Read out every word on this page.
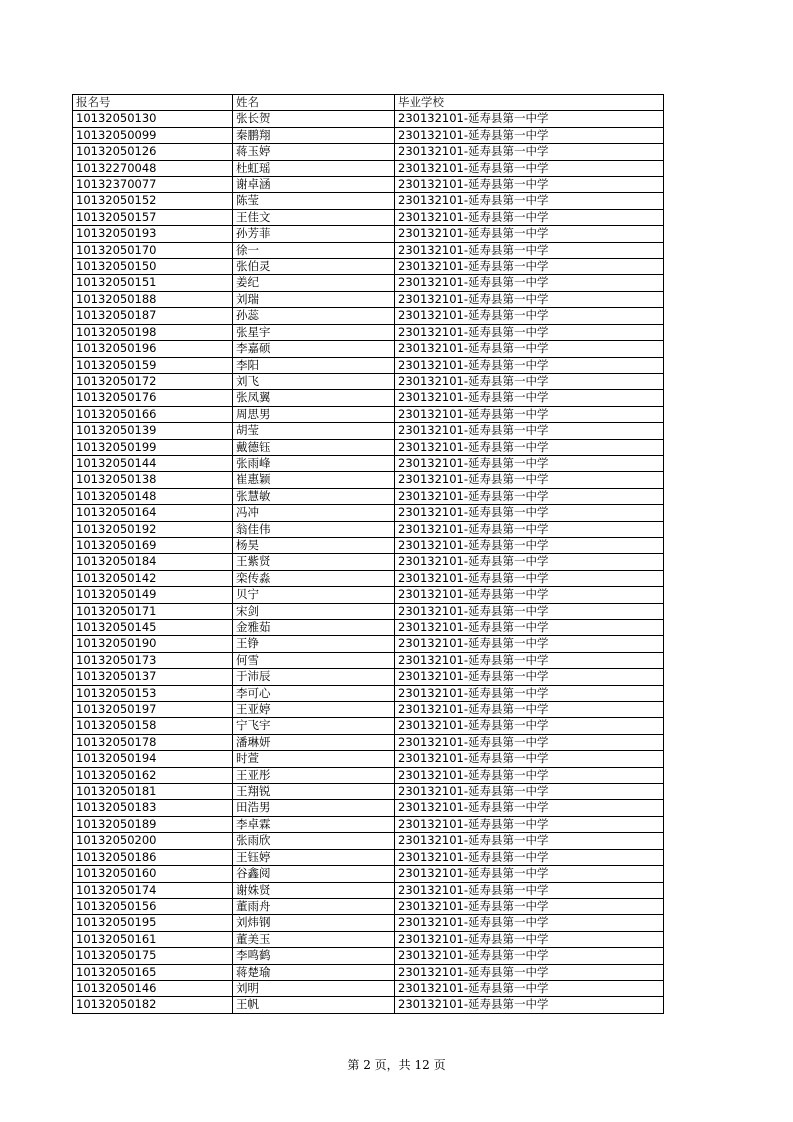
报名号	姓名	毕业学校
10132050130	张长贺	230132101-延寿县第一中学
10132050099	秦鹏翔	230132101-延寿县第一中学
10132050126	蒋玉婷	230132101-延寿县第一中学
10132270048	杜虹瑶	230132101-延寿县第一中学
10132370077	谢卓涵	230132101-延寿县第一中学
10132050152	陈莹	230132101-延寿县第一中学
10132050157	王佳文	230132101-延寿县第一中学
10132050193	孙芳菲	230132101-延寿县第一中学
10132050170	徐一	230132101-延寿县第一中学
10132050150	张伯灵	230132101-延寿县第一中学
10132050151	姜纪	230132101-延寿县第一中学
10132050188	刘瑞	230132101-延寿县第一中学
10132050187	孙蕊	230132101-延寿县第一中学
10132050198	张星宇	230132101-延寿县第一中学
10132050196	李嘉硕	230132101-延寿县第一中学
10132050159	李阳	230132101-延寿县第一中学
10132050172	刘飞	230132101-延寿县第一中学
10132050176	张凤翼	230132101-延寿县第一中学
10132050166	周思男	230132101-延寿县第一中学
10132050139	胡莹	230132101-延寿县第一中学
10132050199	戴德钰	230132101-延寿县第一中学
10132050144	张雨峰	230132101-延寿县第一中学
10132050138	崔惠颖	230132101-延寿县第一中学
10132050148	张慧敏	230132101-延寿县第一中学
10132050164	冯冲	230132101-延寿县第一中学
10132050192	翁佳伟	230132101-延寿县第一中学
10132050169	杨昊	230132101-延寿县第一中学
10132050184	王紫贤	230132101-延寿县第一中学
10132050142	栾传淼	230132101-延寿县第一中学
10132050149	贝宁	230132101-延寿县第一中学
10132050171	宋剑	230132101-延寿县第一中学
10132050145	金雅茹	230132101-延寿县第一中学
10132050190	王铮	230132101-延寿县第一中学
10132050173	何雪	230132101-延寿县第一中学
10132050137	于沛辰	230132101-延寿县第一中学
10132050153	李可心	230132101-延寿县第一中学
10132050197	王亚婷	230132101-延寿县第一中学
10132050158	宁飞宇	230132101-延寿县第一中学
10132050178	潘琳妍	230132101-延寿县第一中学
10132050194	时萱	230132101-延寿县第一中学
10132050162	王亚彤	230132101-延寿县第一中学
10132050181	王翔锐	230132101-延寿县第一中学
10132050183	田浩男	230132101-延寿县第一中学
10132050189	李卓霖	230132101-延寿县第一中学
10132050200	张雨欣	230132101-延寿县第一中学
10132050186	王钰婷	230132101-延寿县第一中学
10132050160	谷鑫阅	230132101-延寿县第一中学
10132050174	谢姝贤	230132101-延寿县第一中学
10132050156	董雨舟	230132101-延寿县第一中学
10132050195	刘炜钢	230132101-延寿县第一中学
10132050161	董美玉	230132101-延寿县第一中学
10132050175	李鸣鹤	230132101-延寿县第一中学
10132050165	蒋楚瑜	230132101-延寿县第一中学
10132050146	刘明	230132101-延寿县第一中学
10132050182	王帆	230132101-延寿县第一中学
第 2 页，共 12 页
